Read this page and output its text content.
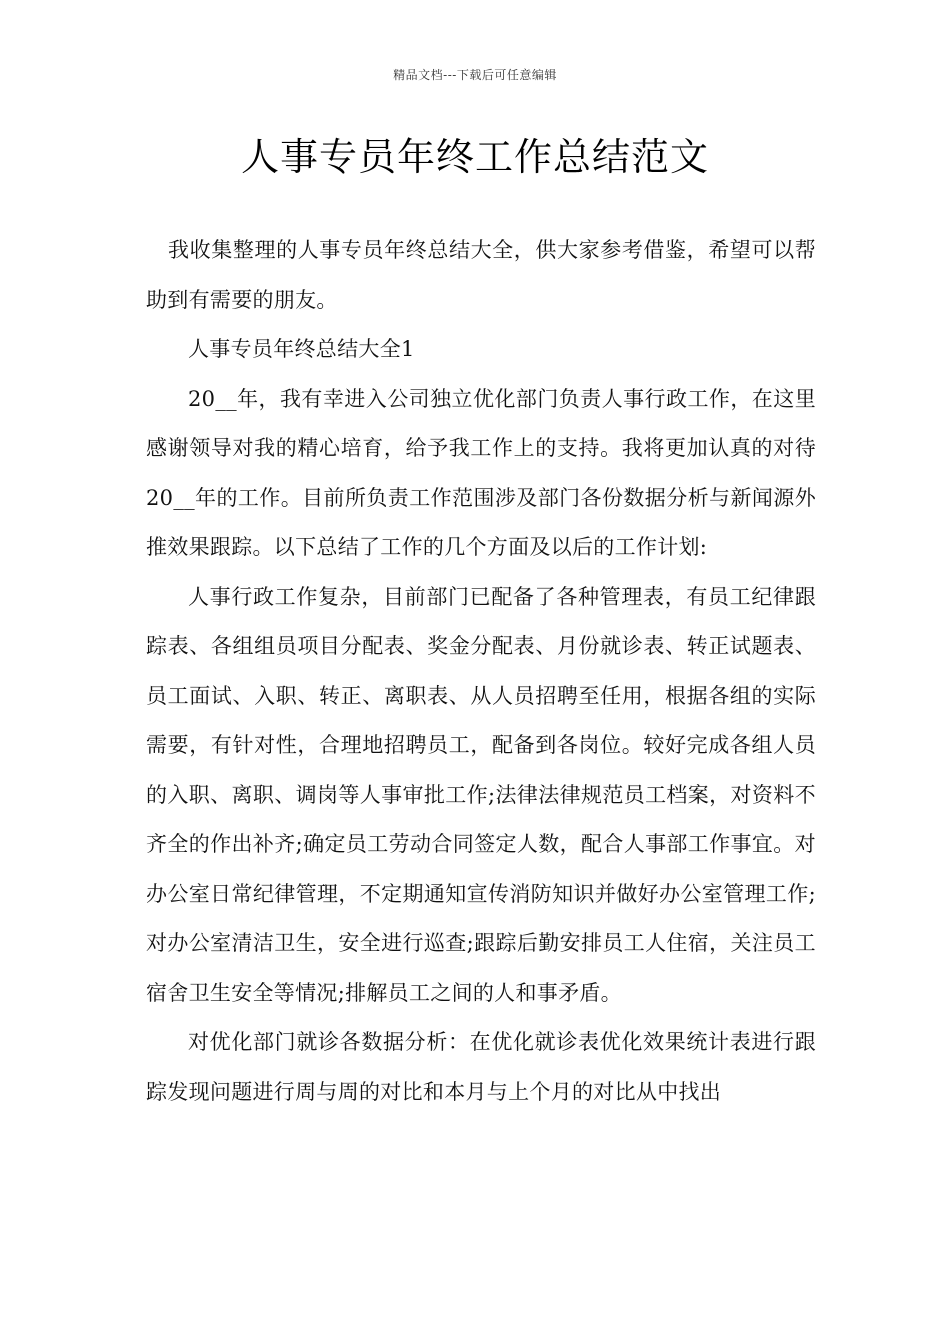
精品文档---下载后可任意编辑
人事专员年终工作总结范文

我收集整理的人事专员年终总结大全，供大家参考借鉴，希望可以帮助到有需要的朋友。

人事专员年终总结大全1

20__年，我有幸进入公司独立优化部门负责人事行政工作，在这里感谢领导对我的精心培育，给予我工作上的支持。我将更加认真的对待20__年的工作。目前所负责工作范围涉及部门各份数据分析与新闻源外推效果跟踪。以下总结了工作的几个方面及以后的工作计划:

人事行政工作复杂，目前部门已配备了各种管理表，有员工纪律跟踪表、各组组员项目分配表、奖金分配表、月份就诊表、转正试题表、员工面试、入职、转正、离职表、从人员招聘至任用，根据各组的实际需要，有针对性，合理地招聘员工，配备到各岗位。较好完成各组人员的入职、离职、调岗等人事审批工作;法律法律规范员工档案，对资料不齐全的作出补齐;确定员工劳动合同签定人数，配合人事部工作事宜。对办公室日常纪律管理，不定期通知宣传消防知识并做好办公室管理工作;对办公室清洁卫生，安全进行巡查;跟踪后勤安排员工人住宿，关注员工宿舍卫生安全等情况;排解员工之间的人和事矛盾。

对优化部门就诊各数据分析：在优化就诊表优化效果统计表进行跟踪发现问题进行周与周的对比和本月与上个月的对比从中找出
